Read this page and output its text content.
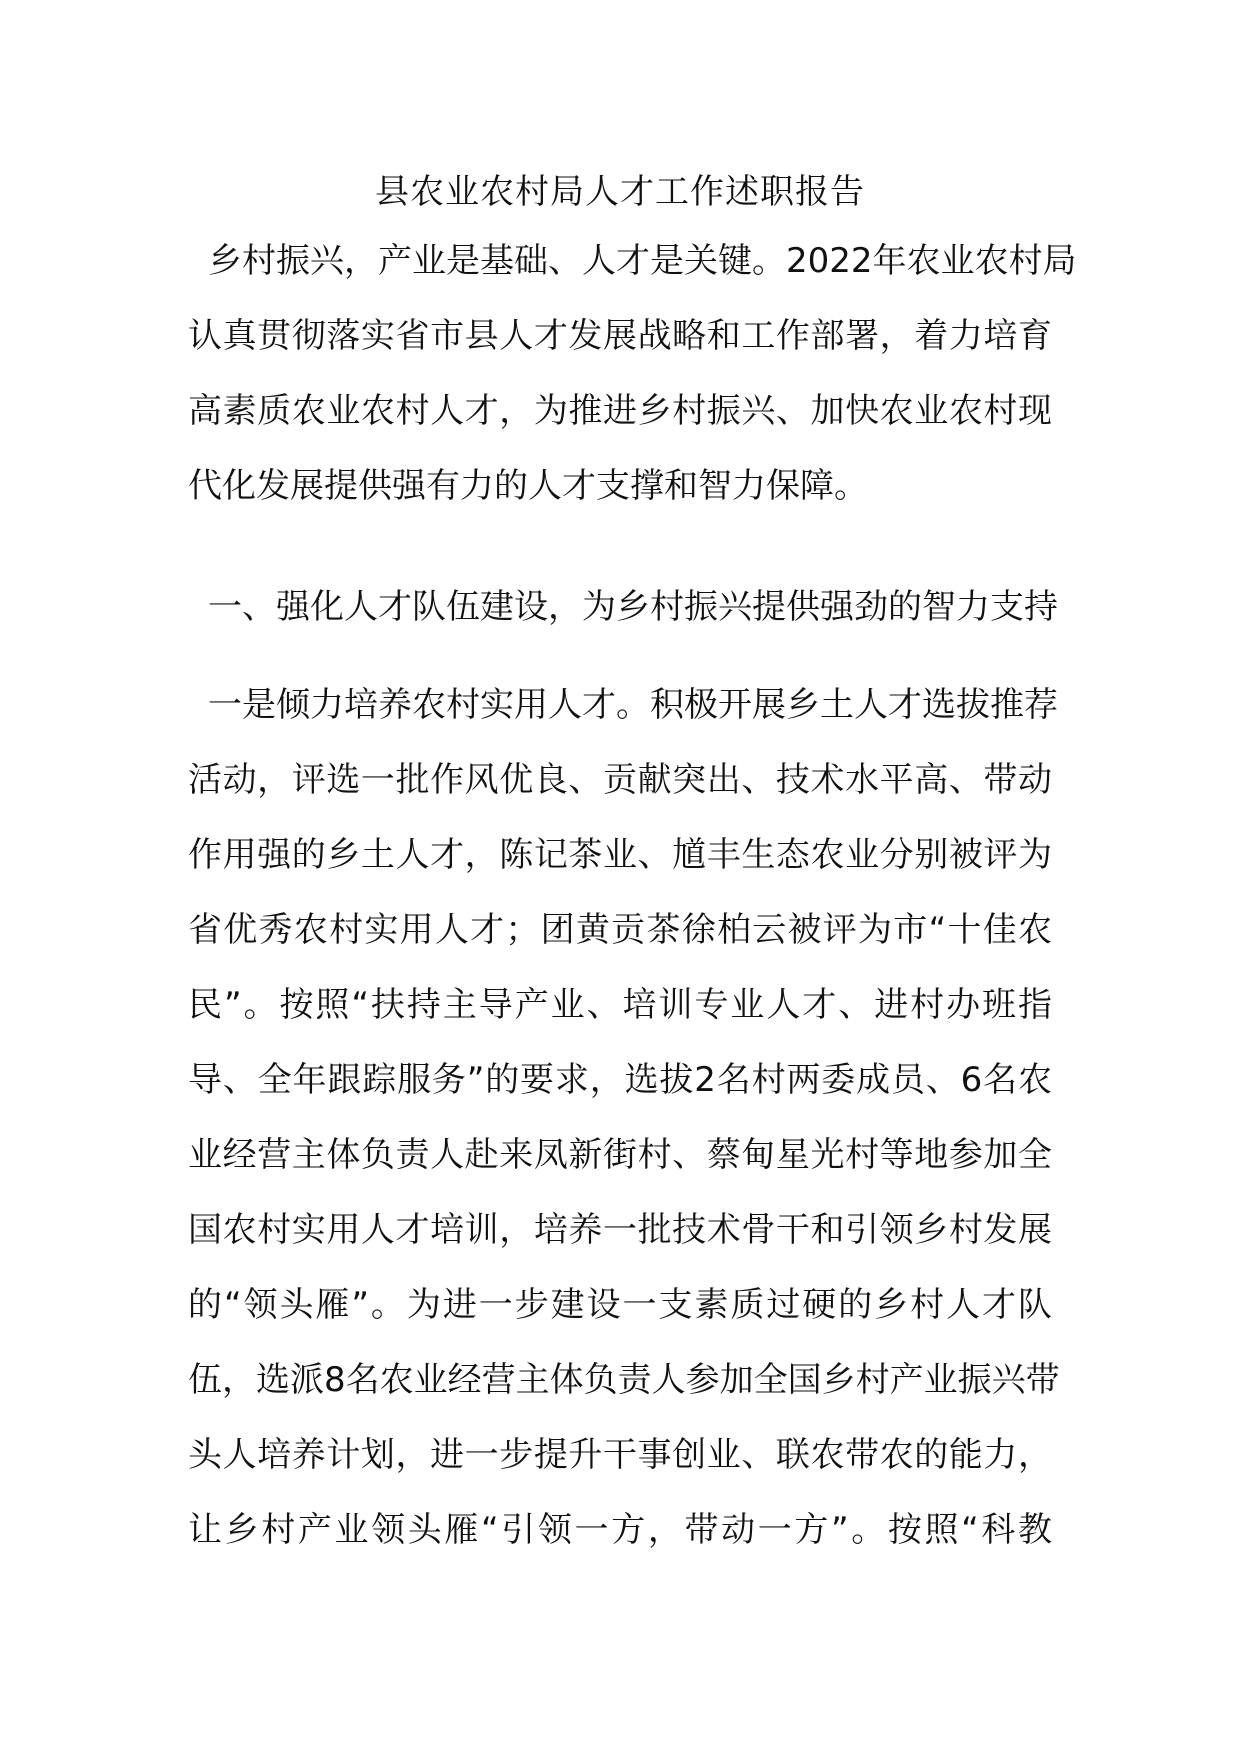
县农业农村局人才工作述职报告
乡村振兴，产业是基础、人才是关键。2022年农业农村局
认真贯彻落实省市县人才发展战略和工作部署，着力培育
高素质农业农村人才，为推进乡村振兴、加快农业农村现
代化发展提供强有力的人才支撑和智力保障。
一、强化人才队伍建设，为乡村振兴提供强劲的智力支持
一是倾力培养农村实用人才。积极开展乡土人才选拔推荐
活动，评选一批作风优良、贡献突出、技术水平高、带动
作用强的乡土人才，陈记茶业、馗丰生态农业分别被评为
省优秀农村实用人才；团黄贡茶徐柏云被评为市“十佳农
民”。按照“扶持主导产业、培训专业人才、进村办班指
导、全年跟踪服务”的要求，选拔2名村两委成员、6名农
业经营主体负责人赴来凤新街村、蔡甸星光村等地参加全
国农村实用人才培训，培养一批技术骨干和引领乡村发展
的“领头雁”。为进一步建设一支素质过硬的乡村人才队
伍，选派8名农业经营主体负责人参加全国乡村产业振兴带
头人培养计划，进一步提升干事创业、联农带农的能力，
让乡村产业领头雁“引领一方，带动一方”。按照“科教
